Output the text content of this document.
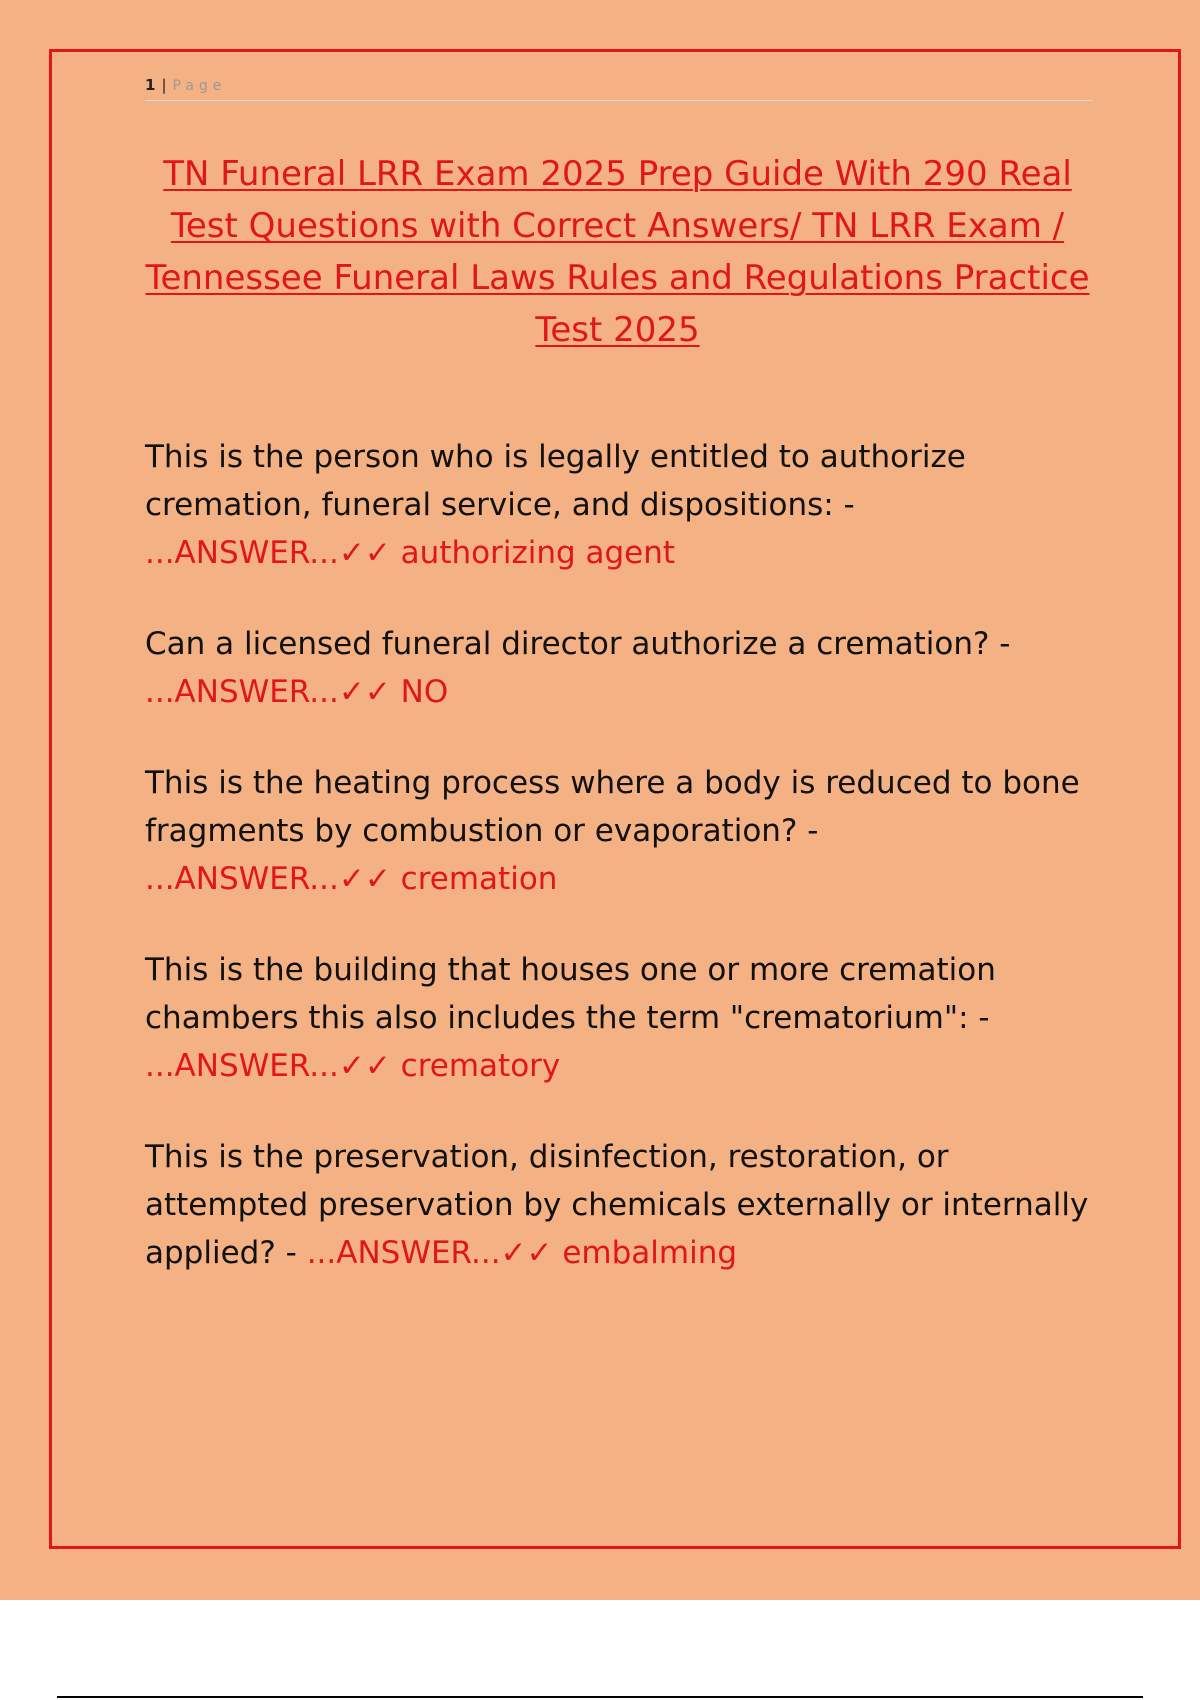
1 | Page
TN Funeral LRR Exam 2025 Prep Guide With 290 Real Test Questions with Correct Answers/ TN LRR Exam / Tennessee Funeral Laws Rules and Regulations Practice Test 2025
This is the person who is legally entitled to authorize cremation, funeral service, and dispositions: -
...ANSWER...✓✓ authorizing agent
Can a licensed funeral director authorize a cremation? -
...ANSWER...✓✓ NO
This is the heating process where a body is reduced to bone fragments by combustion or evaporation? -
...ANSWER...✓✓ cremation
This is the building that houses one or more cremation chambers this also includes the term "crematorium": -
...ANSWER...✓✓ crematory
This is the preservation, disinfection, restoration, or attempted preservation by chemicals externally or internally applied? - ...ANSWER...✓✓ embalming
